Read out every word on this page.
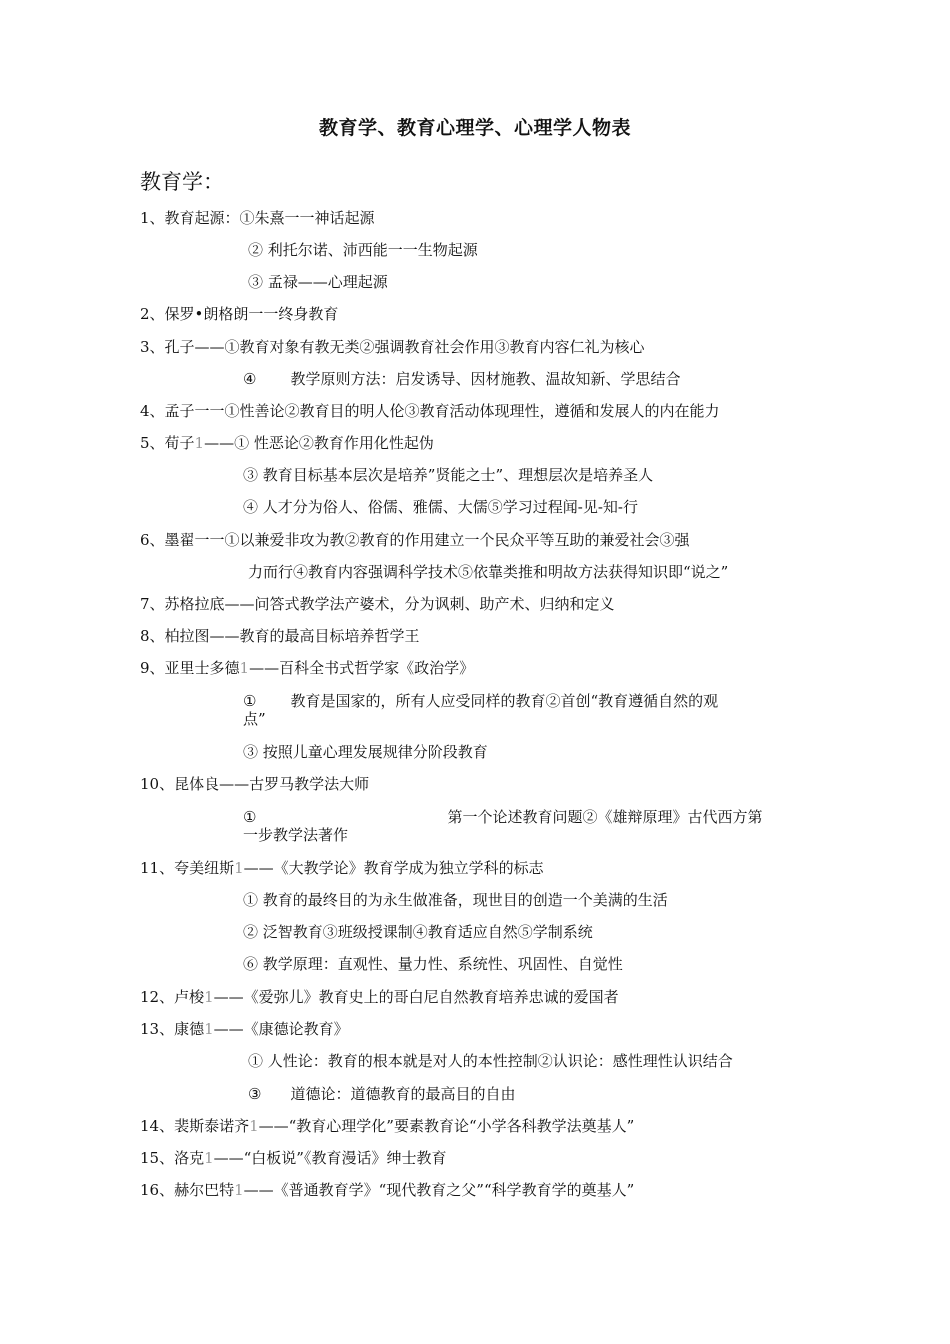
教育学、教育心理学、心理学人物表
教育学：
1、教育起源：①朱熹一一神话起源
② 利托尔诺、沛西能一一生物起源
③ 孟禄——心理起源
2、保罗•朗格朗一一终身教育
3、孔子——①教育对象有教无类②强调教育社会作用③教育内容仁礼为核心
④ 教学原则方法：启发诱导、因材施教、温故知新、学思结合
4、孟子一一①性善论②教育目的明人伦③教育活动体现理性，遵循和发展人的内在能力
5、荀子1——① 性恶论②教育作用化性起伪
③ 教育目标基本层次是培养”贤能之士”、理想层次是培养圣人
④ 人才分为俗人、俗儒、雅儒、大儒⑤学习过程闻-见-知-行
6、墨翟一一①以兼爱非攻为教②教育的作用建立一个民众平等互助的兼爱社会③强
力而行④教育内容强调科学技术⑤依靠类推和明故方法获得知识即“说之”
7、苏格拉底——问答式教学法产婆术，分为讽刺、助产术、归纳和定义
8、柏拉图——教育的最高目标培养哲学王
9、亚里士多德1——百科全书式哲学家《政治学》
① 教育是国家的，所有人应受同样的教育②首创“教育遵循自然的观
点”
③ 按照儿童心理发展规律分阶段教育
10、昆体良——古罗马教学法大师
①	第一个论述教育问题②《雄辩原理》古代西方第
一步教学法著作
11、夸美纽斯1——《大教学论》教育学成为独立学科的标志
① 教育的最终目的为永生做准备，现世目的创造一个美满的生活
② 泛智教育③班级授课制④教育适应自然⑤学制系统
⑥ 教学原理：直观性、量力性、系统性、巩固性、自觉性
12、卢梭1——《爱弥儿》教育史上的哥白尼自然教育培养忠诚的爱国者
13、康德1——《康德论教育》
① 人性论：教育的根本就是对人的本性控制②认识论：感性理性认识结合
③ 道德论：道德教育的最高目的自由
14、裴斯泰诺齐1——“教育心理学化”要素教育论“小学各科教学法奠基人”
15、洛克1——“白板说”《教育漫话》绅士教育
16、赫尔巴特1——《普通教育学》“现代教育之父”“科学教育学的奠基人”
